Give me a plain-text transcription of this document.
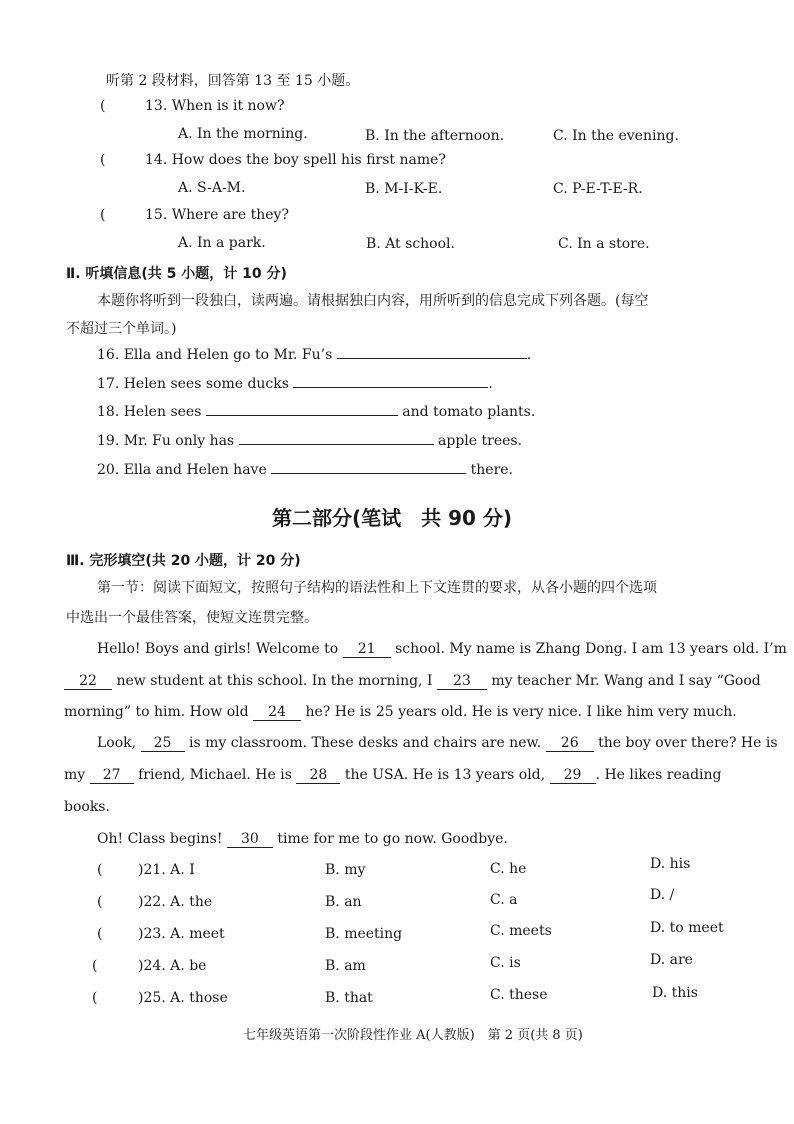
听第 2 段材料，回答第 13 至 15 小题。
(	13. When is it now?
A. In the morning.	B. In the afternoon.	C. In the evening.
(	14. How does the boy spell his first name?
A. S-A-M.	B. M-I-K-E.	C. P-E-T-E-R.
(	15. Where are they?
A. In a park.	B. At school.	C. In a store.
Ⅱ. 听填信息(共 5 小题，计 10 分)
本题你将听到一段独白，读两遍。请根据独白内容，用所听到的信息完成下列各题。(每空
不超过三个单词。)
16. Ella and Helen go to Mr. Fu’s	.
17. Helen sees some ducks	.
18. Helen sees	and tomato plants.
19. Mr. Fu only has	apple trees.
20. Ella and Helen have	there.
第二部分(笔试　共 90 分)
Ⅲ. 完形填空(共 20 小题，计 20 分)
第一节：阅读下面短文，按照句子结构的语法性和上下文连贯的要求，从各小题的四个选项
中选出一个最佳答案，使短文连贯完整。
Hello! Boys and girls! Welcome to 21 school. My name is Zhang Dong. I am 13 years old. I’m
22 new student at this school. In the morning, I 23 my teacher Mr. Wang and I say “Good
morning” to him. How old 24 he? He is 25 years old. He is very nice. I like him very much.
Look, 25 is my classroom. These desks and chairs are new. 26 the boy over there? He is
my 27 friend, Michael. He is 28 the USA. He is 13 years old, 29 . He likes reading
books.
Oh! Class begins! 30 time for me to go now. Goodbye.
(	)21. A. I	B. my	C. he	D. his
(	)22. A. the	B. an	C. a	D. /
(	)23. A. meet	B. meeting	C. meets	D. to meet
(	)24. A. be	B. am	C. is	D. are
(	)25. A. those	B. that	C. these	D. this
七年级英语第一次阶段性作业 A(人教版)　第 2 页(共 8 页)
